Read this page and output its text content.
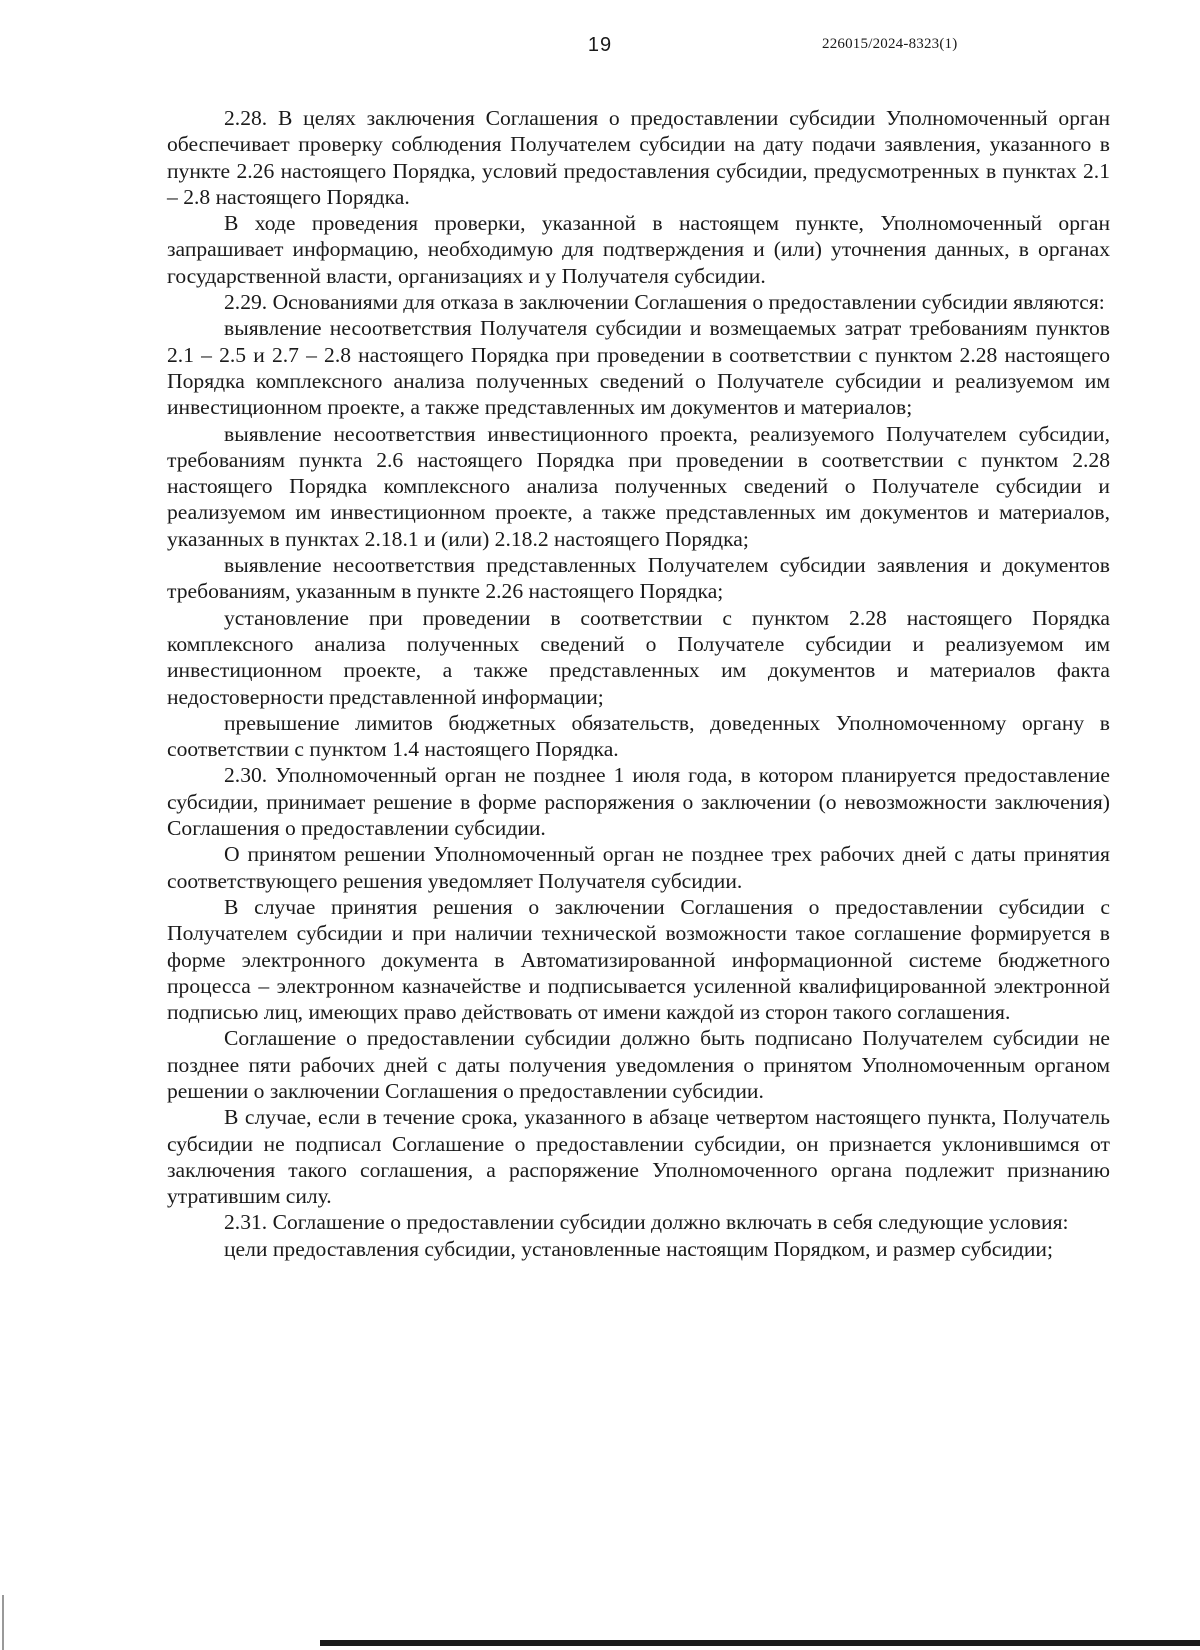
19	226015/2024-8323(1)

2.28. В целях заключения Соглашения о предоставлении субсидии Уполномоченный орган обеспечивает проверку соблюдения Получателем субсидии на дату подачи заявления, указанного в пункте 2.26 настоящего Порядка, условий предоставления субсидии, предусмотренных в пунктах 2.1 – 2.8 настоящего Порядка.

В ходе проведения проверки, указанной в настоящем пункте, Уполномоченный орган запрашивает информацию, необходимую для подтверждения и (или) уточнения данных, в органах государственной власти, организациях и у Получателя субсидии.

2.29. Основаниями для отказа в заключении Соглашения о предоставлении субсидии являются:

выявление несоответствия Получателя субсидии и возмещаемых затрат требованиям пунктов 2.1 – 2.5 и 2.7 – 2.8 настоящего Порядка при проведении в соответствии с пунктом 2.28 настоящего Порядка комплексного анализа полученных сведений о Получателе субсидии и реализуемом им инвестиционном проекте, а также представленных им документов и материалов;

выявление несоответствия инвестиционного проекта, реализуемого Получателем субсидии, требованиям пункта 2.6 настоящего Порядка при проведении в соответствии с пунктом 2.28 настоящего Порядка комплексного анализа полученных сведений о Получателе субсидии и реализуемом им инвестиционном проекте, а также представленных им документов и материалов, указанных в пунктах 2.18.1 и (или) 2.18.2 настоящего Порядка;

выявление несоответствия представленных Получателем субсидии заявления и документов требованиям, указанным в пункте 2.26 настоящего Порядка;

установление при проведении в соответствии с пунктом 2.28 настоящего Порядка комплексного анализа полученных сведений о Получателе субсидии и реализуемом им инвестиционном проекте, а также представленных им документов и материалов факта недостоверности представленной информации;

превышение лимитов бюджетных обязательств, доведенных Уполномоченному органу в соответствии с пунктом 1.4 настоящего Порядка.

2.30. Уполномоченный орган не позднее 1 июля года, в котором планируется предоставление субсидии, принимает решение в форме распоряжения о заключении (о невозможности заключения) Соглашения о предоставлении субсидии.

О принятом решении Уполномоченный орган не позднее трех рабочих дней с даты принятия соответствующего решения уведомляет Получателя субсидии.

В случае принятия решения о заключении Соглашения о предоставлении субсидии с Получателем субсидии и при наличии технической возможности такое соглашение формируется в форме электронного документа в Автоматизированной информационной системе бюджетного процесса – электронном казначействе и подписывается усиленной квалифицированной электронной подписью лиц, имеющих право действовать от имени каждой из сторон такого соглашения.

Соглашение о предоставлении субсидии должно быть подписано Получателем субсидии не позднее пяти рабочих дней с даты получения уведомления о принятом Уполномоченным органом решении о заключении Соглашения о предоставлении субсидии.

В случае, если в течение срока, указанного в абзаце четвертом настоящего пункта, Получатель субсидии не подписал Соглашение о предоставлении субсидии, он признается уклонившимся от заключения такого соглашения, а распоряжение Уполномоченного органа подлежит признанию утратившим силу.

2.31. Соглашение о предоставлении субсидии должно включать в себя следующие условия:

цели предоставления субсидии, установленные настоящим Порядком, и размер субсидии;
